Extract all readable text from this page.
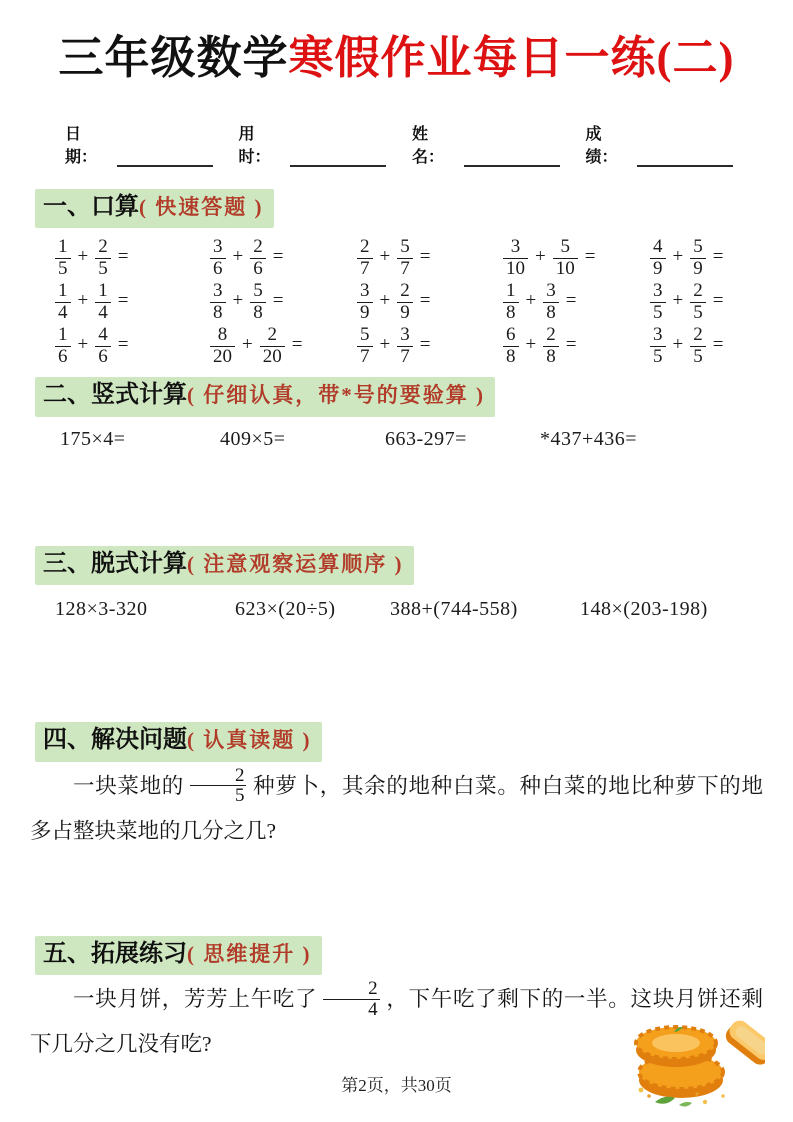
三年级数学寒假作业每日一练(二)
日期：
用时：
姓名：
成绩：
一、口算( 快速答题 )
$\frac{1}{5} + \frac{2}{5}$ =	$\frac{3}{6} + \frac{2}{6}$ =	$\frac{2}{7} + \frac{5}{7}$ =	$\frac{3}{10} + \frac{5}{10}$ =	$\frac{4}{9} + \frac{5}{9}$ =
$\frac{1}{4} + \frac{1}{4}$ =	$\frac{3}{8} + \frac{5}{8}$ =	$\frac{3}{9} + \frac{2}{9}$ =	$\frac{1}{8} + \frac{3}{8}$ =	$\frac{3}{5} + \frac{2}{5}$ =
$\frac{1}{6} + \frac{4}{6}$ =	$\frac{8}{20} + \frac{2}{20}$ =	$\frac{5}{7} + \frac{3}{7}$ =	$\frac{6}{8} + \frac{2}{8}$ =	$\frac{3}{5} + \frac{2}{5}$ =
二、竖式计算( 仔细认真，带*号的要验算 )
175×4=	409×5=	663-297=	*437+436=
三、脱式计算( 注意观察运算顺序 )
128×3-320	623×(20÷5)	388+(744-558)	148×(203-198)
四、解决问题( 认真读题 )

一块菜地的 $\frac{2}{5}$ 种萝卜，其余的地种白菜。种白菜的地比种萝下的地多占整块菜地的几分之几?

五、拓展练习( 思维提升 )

一块月饼，芳芳上午吃了 $\frac{2}{4}$ ，下午吃了剩下的一半。这块月饼还剩下几分之几没有吃?

第2页，共30页
